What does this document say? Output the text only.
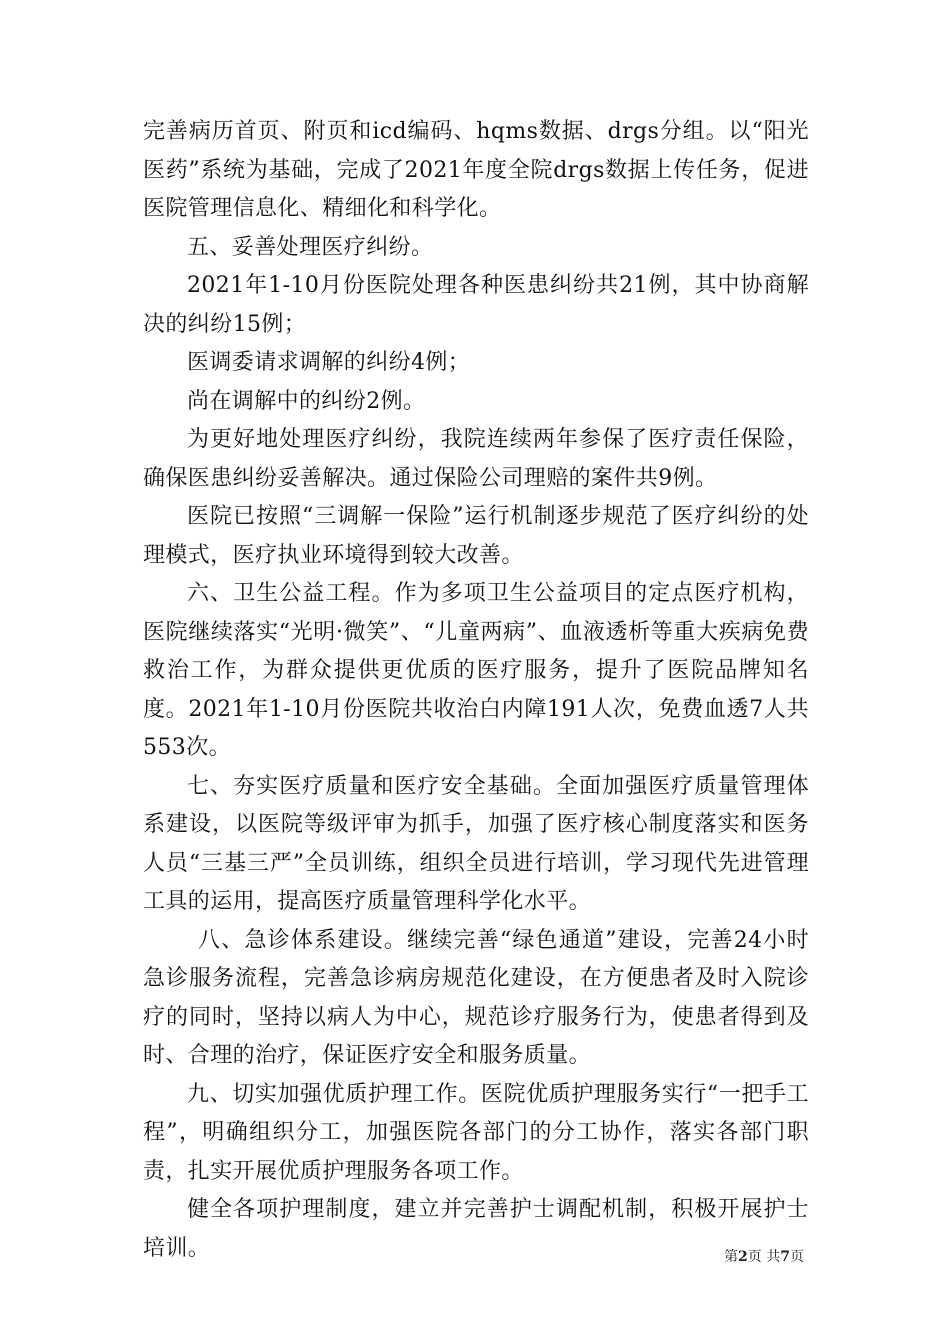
完善病历首页、附页和icd编码、hqms数据、drgs分组。以“阳光医药”系统为基础，完成了2021年度全院drgs数据上传任务，促进医院管理信息化、精细化和科学化。

五、妥善处理医疗纠纷。

2021年1-10月份医院处理各种医患纠纷共21例，其中协商解决的纠纷15例；

医调委请求调解的纠纷4例；

尚在调解中的纠纷2例。

为更好地处理医疗纠纷，我院连续两年参保了医疗责任保险，确保医患纠纷妥善解决。通过保险公司理赔的案件共9例。

医院已按照“三调解一保险”运行机制逐步规范了医疗纠纷的处理模式，医疗执业环境得到较大改善。

六、卫生公益工程。作为多项卫生公益项目的定点医疗机构，医院继续落实“光明·微笑”、“儿童两病”、血液透析等重大疾病免费救治工作，为群众提供更优质的医疗服务，提升了医院品牌知名度。2021年1-10月份医院共收治白内障191人次，免费血透7人共553次。

七、夯实医疗质量和医疗安全基础。全面加强医疗质量管理体系建设，以医院等级评审为抓手，加强了医疗核心制度落实和医务人员“三基三严”全员训练，组织全员进行培训，学习现代先进管理工具的运用，提高医疗质量管理科学化水平。

八、急诊体系建设。继续完善“绿色通道”建设，完善24小时急诊服务流程，完善急诊病房规范化建设，在方便患者及时入院诊疗的同时，坚持以病人为中心，规范诊疗服务行为，使患者得到及时、合理的治疗，保证医疗安全和服务质量。

九、切实加强优质护理工作。医院优质护理服务实行“一把手工程”，明确组织分工，加强医院各部门的分工协作，落实各部门职责，扎实开展优质护理服务各项工作。

健全各项护理制度，建立并完善护士调配机制，积极开展护士培训。	第2页 共7页
